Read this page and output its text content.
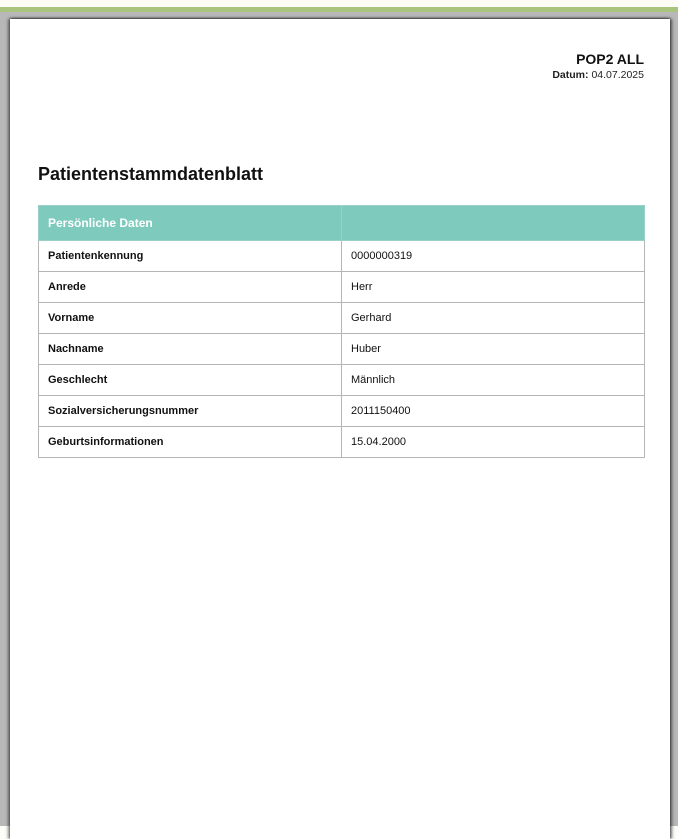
POP2 ALL
Datum: 04.07.2025
Patientenstammdatenblatt
Persönliche Daten	
Patientenkennung	0000000319
Anrede	Herr
Vorname	Gerhard
Nachname	Huber
Geschlecht	Männlich
Sozialversicherungsnummer	2011150400
Geburtsinformationen	15.04.2000
